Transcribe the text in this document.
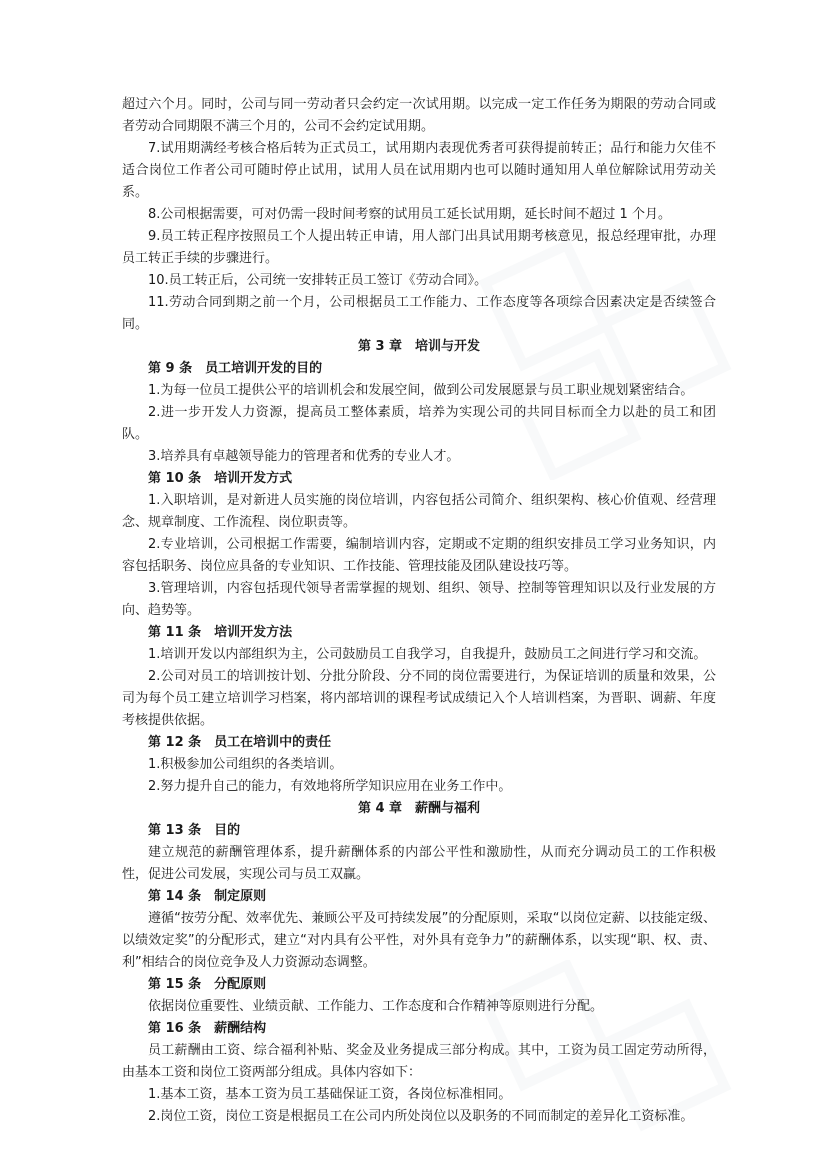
超过六个月。同时，公司与同一劳动者只会约定一次试用期。以完成一定工作任务为期限的劳动合同或者劳动合同期限不满三个月的，公司不会约定试用期。

7.试用期满经考核合格后转为正式员工，试用期内表现优秀者可获得提前转正；品行和能力欠佳不适合岗位工作者公司可随时停止试用，试用人员在试用期内也可以随时通知用人单位解除试用劳动关系。

8.公司根据需要，可对仍需一段时间考察的试用员工延长试用期，延长时间不超过 1 个月。

9.员工转正程序按照员工个人提出转正申请，用人部门出具试用期考核意见，报总经理审批，办理员工转正手续的步骤进行。

10.员工转正后，公司统一安排转正员工签订《劳动合同》。

11.劳动合同到期之前一个月，公司根据员工工作能力、工作态度等各项综合因素决定是否续签合同。

第 3 章　培训与开发

第 9 条　员工培训开发的目的

1.为每一位员工提供公平的培训机会和发展空间，做到公司发展愿景与员工职业规划紧密结合。

2.进一步开发人力资源，提高员工整体素质，培养为实现公司的共同目标而全力以赴的员工和团队。

3.培养具有卓越领导能力的管理者和优秀的专业人才。

第 10 条　培训开发方式

1.入职培训，是对新进人员实施的岗位培训，内容包括公司简介、组织架构、核心价值观、经营理念、规章制度、工作流程、岗位职责等。

2.专业培训，公司根据工作需要，编制培训内容，定期或不定期的组织安排员工学习业务知识，内容包括职务、岗位应具备的专业知识、工作技能、管理技能及团队建设技巧等。

3.管理培训，内容包括现代领导者需掌握的规划、组织、领导、控制等管理知识以及行业发展的方向、趋势等。

第 11 条　培训开发方法

1.培训开发以内部组织为主，公司鼓励员工自我学习，自我提升，鼓励员工之间进行学习和交流。

2.公司对员工的培训按计划、分批分阶段、分不同的岗位需要进行，为保证培训的质量和效果，公司为每个员工建立培训学习档案，将内部培训的课程考试成绩记入个人培训档案，为晋职、调薪、年度考核提供依据。

第 12 条　员工在培训中的责任

1.积极参加公司组织的各类培训。

2.努力提升自己的能力，有效地将所学知识应用在业务工作中。

第 4 章　薪酬与福利

第 13 条　目的

建立规范的薪酬管理体系，提升薪酬体系的内部公平性和激励性，从而充分调动员工的工作积极性，促进公司发展，实现公司与员工双赢。

第 14 条　制定原则

遵循“按劳分配、效率优先、兼顾公平及可持续发展”的分配原则，采取“以岗位定薪、以技能定级、以绩效定奖”的分配形式，建立“对内具有公平性，对外具有竞争力”的薪酬体系，以实现“职、权、责、利”相结合的岗位竞争及人力资源动态调整。

第 15 条　分配原则

依据岗位重要性、业绩贡献、工作能力、工作态度和合作精神等原则进行分配。

第 16 条　薪酬结构

员工薪酬由工资、综合福利补贴、奖金及业务提成三部分构成。其中，工资为员工固定劳动所得，由基本工资和岗位工资两部分组成。具体内容如下：

1.基本工资，基本工资为员工基础保证工资，各岗位标准相同。

2.岗位工资，岗位工资是根据员工在公司内所处岗位以及职务的不同而制定的差异化工资标准。
